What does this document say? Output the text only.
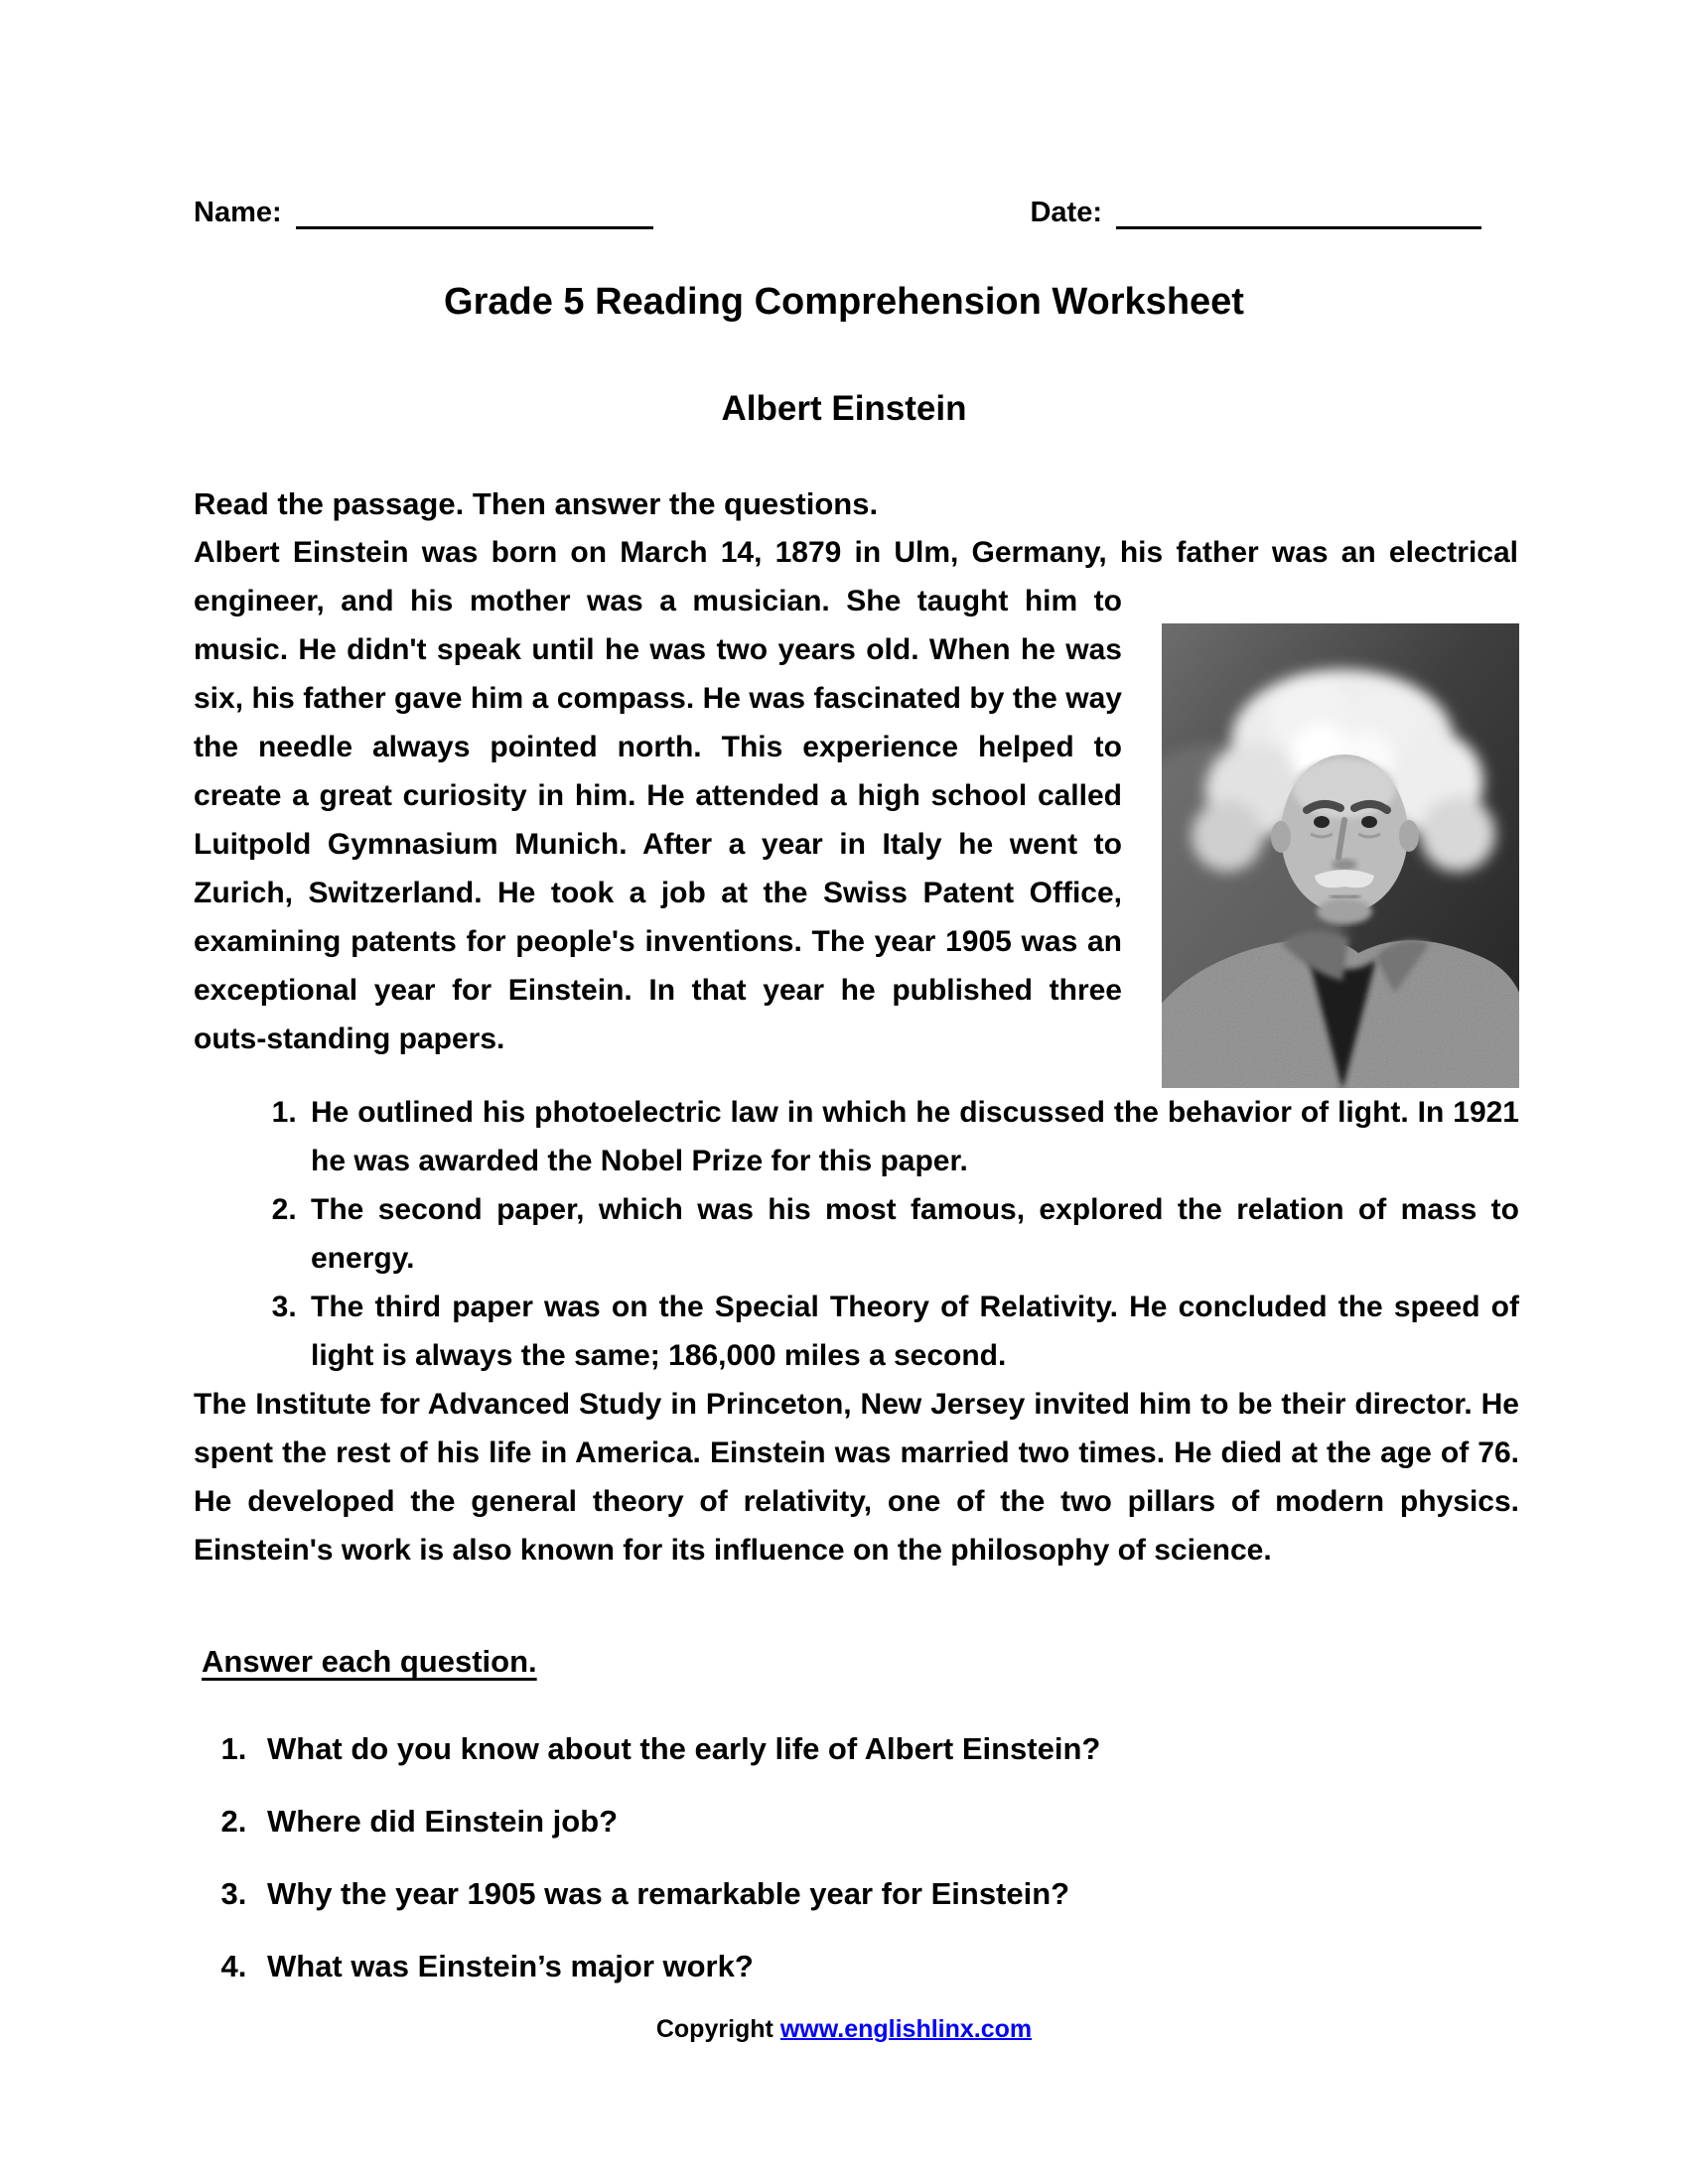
Name:	Date:
Grade 5 Reading Comprehension Worksheet
Albert Einstein
Read the passage. Then answer the questions.
Albert Einstein was born on March 14, 1879 in Ulm, Germany, his father was an electrical engineer, and his mother was a musician. She taught him to music. He didn't speak until he was two years old. When he was six, his father gave him a compass. He was fascinated by the way the needle always pointed north. This experience helped to create a great curiosity in him. He attended a high school called Luitpold Gymnasium Munich. After a year in Italy he went to Zurich, Switzerland. He took a job at the Swiss Patent Office, examining patents for people's inventions. The year 1905 was an exceptional year for Einstein. In that year he published three outs-standing papers.
1. He outlined his photoelectric law in which he discussed the behavior of light. In 1921 he was awarded the Nobel Prize for this paper.
2. The second paper, which was his most famous, explored the relation of mass to energy.
3. The third paper was on the Special Theory of Relativity. He concluded the speed of light is always the same; 186,000 miles a second.
The Institute for Advanced Study in Princeton, New Jersey invited him to be their director. He spent the rest of his life in America. Einstein was married two times. He died at the age of 76. He developed the general theory of relativity, one of the two pillars of modern physics. Einstein's work is also known for its influence on the philosophy of science.
Answer each question.
1. What do you know about the early life of Albert Einstein?
2. Where did Einstein job?
3. Why the year 1905 was a remarkable year for Einstein?
4. What was Einstein’s major work?
Copyright www.englishlinx.com
